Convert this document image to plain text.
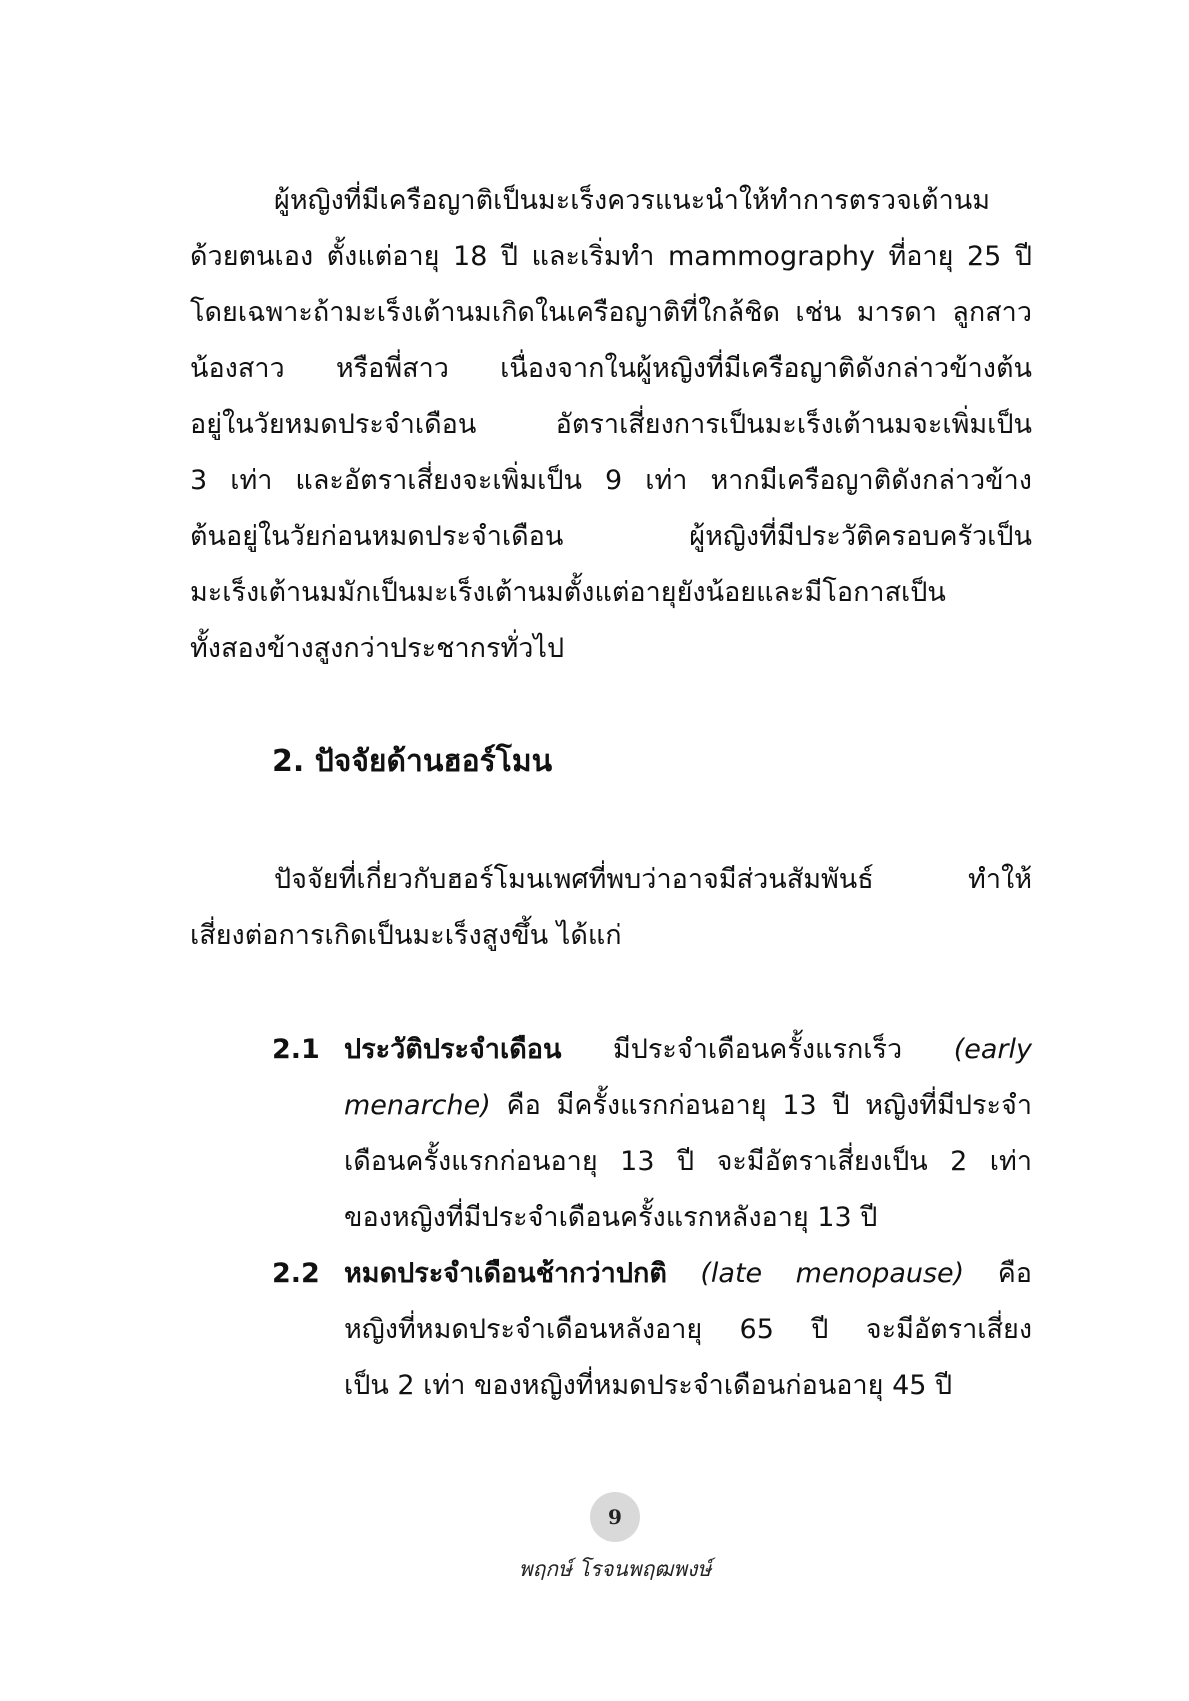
ผู้หญิงที่มีเครือญาติเป็นมะเร็งควรแนะนำให้ทำการตรวจเต้านม
ด้วยตนเอง ตั้งแต่อายุ 18 ปี และเริ่มทำ mammography ที่อายุ 25 ปี
โดยเฉพาะถ้ามะเร็งเต้านมเกิดในเครือญาติที่ใกล้ชิด เช่น มารดา ลูกสาว
น้องสาว หรือพี่สาว เนื่องจากในผู้หญิงที่มีเครือญาติดังกล่าวข้างต้น
อยู่ในวัยหมดประจำเดือน อัตราเสี่ยงการเป็นมะเร็งเต้านมจะเพิ่มเป็น
3 เท่า และอัตราเสี่ยงจะเพิ่มเป็น 9 เท่า หากมีเครือญาติดังกล่าวข้าง
ต้นอยู่ในวัยก่อนหมดประจำเดือน ผู้หญิงที่มีประวัติครอบครัวเป็น
มะเร็งเต้านมมักเป็นมะเร็งเต้านมตั้งแต่อายุยังน้อยและมีโอกาสเป็น
ทั้งสองข้างสูงกว่าประชากรทั่วไป

2. ปัจจัยด้านฮอร์โมน

ปัจจัยที่เกี่ยวกับฮอร์โมนเพศที่พบว่าอาจมีส่วนสัมพันธ์ ทำให้
เสี่ยงต่อการเกิดเป็นมะเร็งสูงขึ้น ได้แก่

2.1 ประวัติประจำเดือน มีประจำเดือนครั้งแรกเร็ว (early
menarche) คือ มีครั้งแรกก่อนอายุ 13 ปี หญิงที่มีประจำ
เดือนครั้งแรกก่อนอายุ 13 ปี จะมีอัตราเสี่ยงเป็น 2 เท่า
ของหญิงที่มีประจำเดือนครั้งแรกหลังอายุ 13 ปี
2.2 หมดประจำเดือนช้ากว่าปกติ (late menopause) คือ
หญิงที่หมดประจำเดือนหลังอายุ 65 ปี จะมีอัตราเสี่ยง
เป็น 2 เท่า ของหญิงที่หมดประจำเดือนก่อนอายุ 45 ปี
9
พฤกษ์ โรจนพฤฒพงษ์
